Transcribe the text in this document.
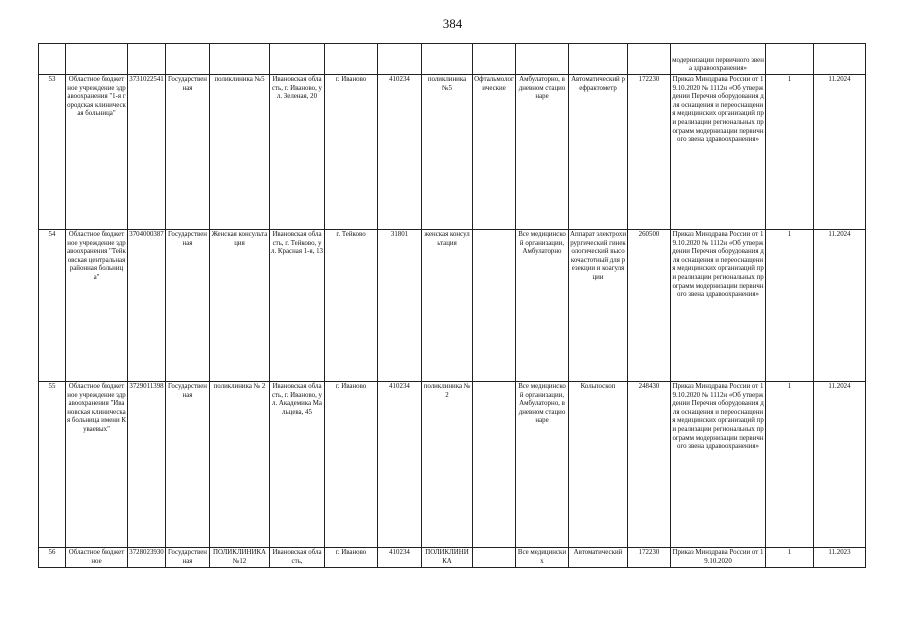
384
													модернизации первичного звена здравоохранения»		
53	Областное бюджетное учреждение здравоохранения "1-я городская клиническая больница"	3731022541	Государственная	поликлиника №5	Ивановская область, г. Иваново, ул. Зеленая, 20	г. Иваново	410234	поликлиника №5	Офтальмологические	Амбулаторно, в дневном стационаре	Автоматический рефрактометр	172230	Приказ Минздрава России от 19.10.2020 № 1112н «Об утверждении Перечня оборудования для оснащения и переоснащения медицинских организаций при реализации региональных программ модернизации первичного звена здравоохранения»	1	11.2024
54	Областное бюджетное учреждение здравоохранения "Тейковская центральная районная больница"	3704000387	Государственная	Женская консультация	Ивановская область, г. Тейково, ул. Красная 1-я, 13	г. Тейково	31801	женская консультация		Все медицинской организации, Амбулаторно	Аппарат электрохирургический гинекологический высокочастотный для резекции и коагуляции	260500	Приказ Минздрава России от 19.10.2020 № 1112н «Об утверждении Перечня оборудования для оснащения и переоснащения медицинских организаций при реализации региональных программ модернизации первичного звена здравоохранения»	1	11.2024
55	Областное бюджетное учреждение здравоохранения "Ивановская клиническая больница имени Куваевых"	3729011398	Государственная	поликлиника № 2	Ивановская область, г. Иваново, ул. Академика Мальцева, 45	г. Иваново	410234	поликлиника № 2		Все медицинской организации, Амбулаторно, в дневном стационаре	Кольпоскоп	248430	Приказ Минздрава России от 19.10.2020 № 1112н «Об утверждении Перечня оборудования для оснащения и переоснащения медицинских организаций при реализации региональных программ модернизации первичного звена здравоохранения»	1	11.2024
56	Областное бюджетное	3728023930	Государственная	ПОЛИКЛИНИКА №12	Ивановская область,	г. Иваново	410234	ПОЛИКЛИНИКА		Все медицинских	Автоматический	172230	Приказ Минздрава России от 19.10.2020	1	11.2023
